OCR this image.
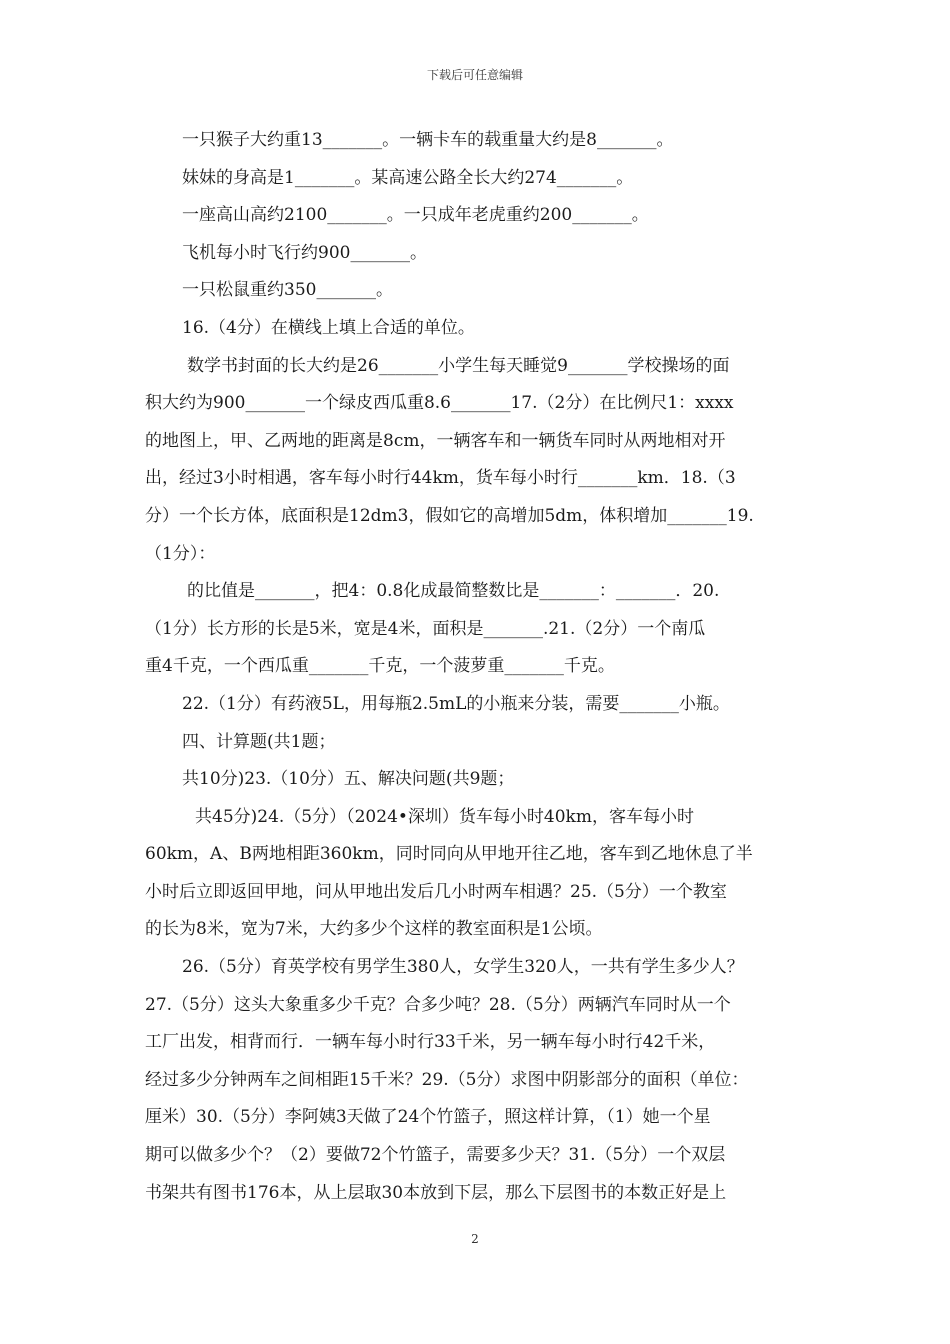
下载后可任意编辑
一只猴子大约重13_______。一辆卡车的载重量大约是8_______。
妹妹的身高是1_______。某高速公路全长大约274_______。
一座高山高约2100_______。一只成年老虎重约200_______。
飞机每小时飞行约900_______。
一只松鼠重约350_______。
16.（4分）在横线上填上合适的单位。
数学书封面的长大约是26_______小学生每天睡觉9_______学校操场的面
积大约为900_______一个绿皮西瓜重8.6_______17.（2分）在比例尺1：xxxx
的地图上，甲、乙两地的距离是8cm，一辆客车和一辆货车同时从两地相对开
出，经过3小时相遇，客车每小时行44km，货车每小时行_______km．18.（3
分）一个长方体，底面积是12dm3，假如它的高增加5dm，体积增加_______19.
（1分）：
的比值是_______，把4：0.8化成最简整数比是_______：_______．20.
（1分）长方形的长是5米，宽是4米，面积是_______.21.（2分）一个南瓜
重4千克，一个西瓜重_______千克，一个菠萝重_______千克。
22.（1分）有药液5L，用每瓶2.5mL的小瓶来分装，需要_______小瓶。
四、计算题(共1题；
共10分)23.（10分）五、解决问题(共9题；
共45分)24.（5分）（2024•深圳）货车每小时40km，客车每小时
60km，A、B两地相距360km，同时同向从甲地开往乙地，客车到乙地休息了半
小时后立即返回甲地，问从甲地出发后几小时两车相遇？25.（5分）一个教室
的长为8米，宽为7米，大约多少个这样的教室面积是1公顷。
26.（5分）育英学校有男学生380人，女学生320人，一共有学生多少人？
27.（5分）这头大象重多少千克？合多少吨？28.（5分）两辆汽车同时从一个
工厂出发，相背而行．一辆车每小时行33千米，另一辆车每小时行42千米，
经过多少分钟两车之间相距15千米？29.（5分）求图中阴影部分的面积（单位：
厘米）30.（5分）李阿姨3天做了24个竹篮子，照这样计算，（1）她一个星
期可以做多少个？（2）要做72个竹篮子，需要多少天？31.（5分）一个双层
书架共有图书176本，从上层取30本放到下层，那么下层图书的本数正好是上
2
